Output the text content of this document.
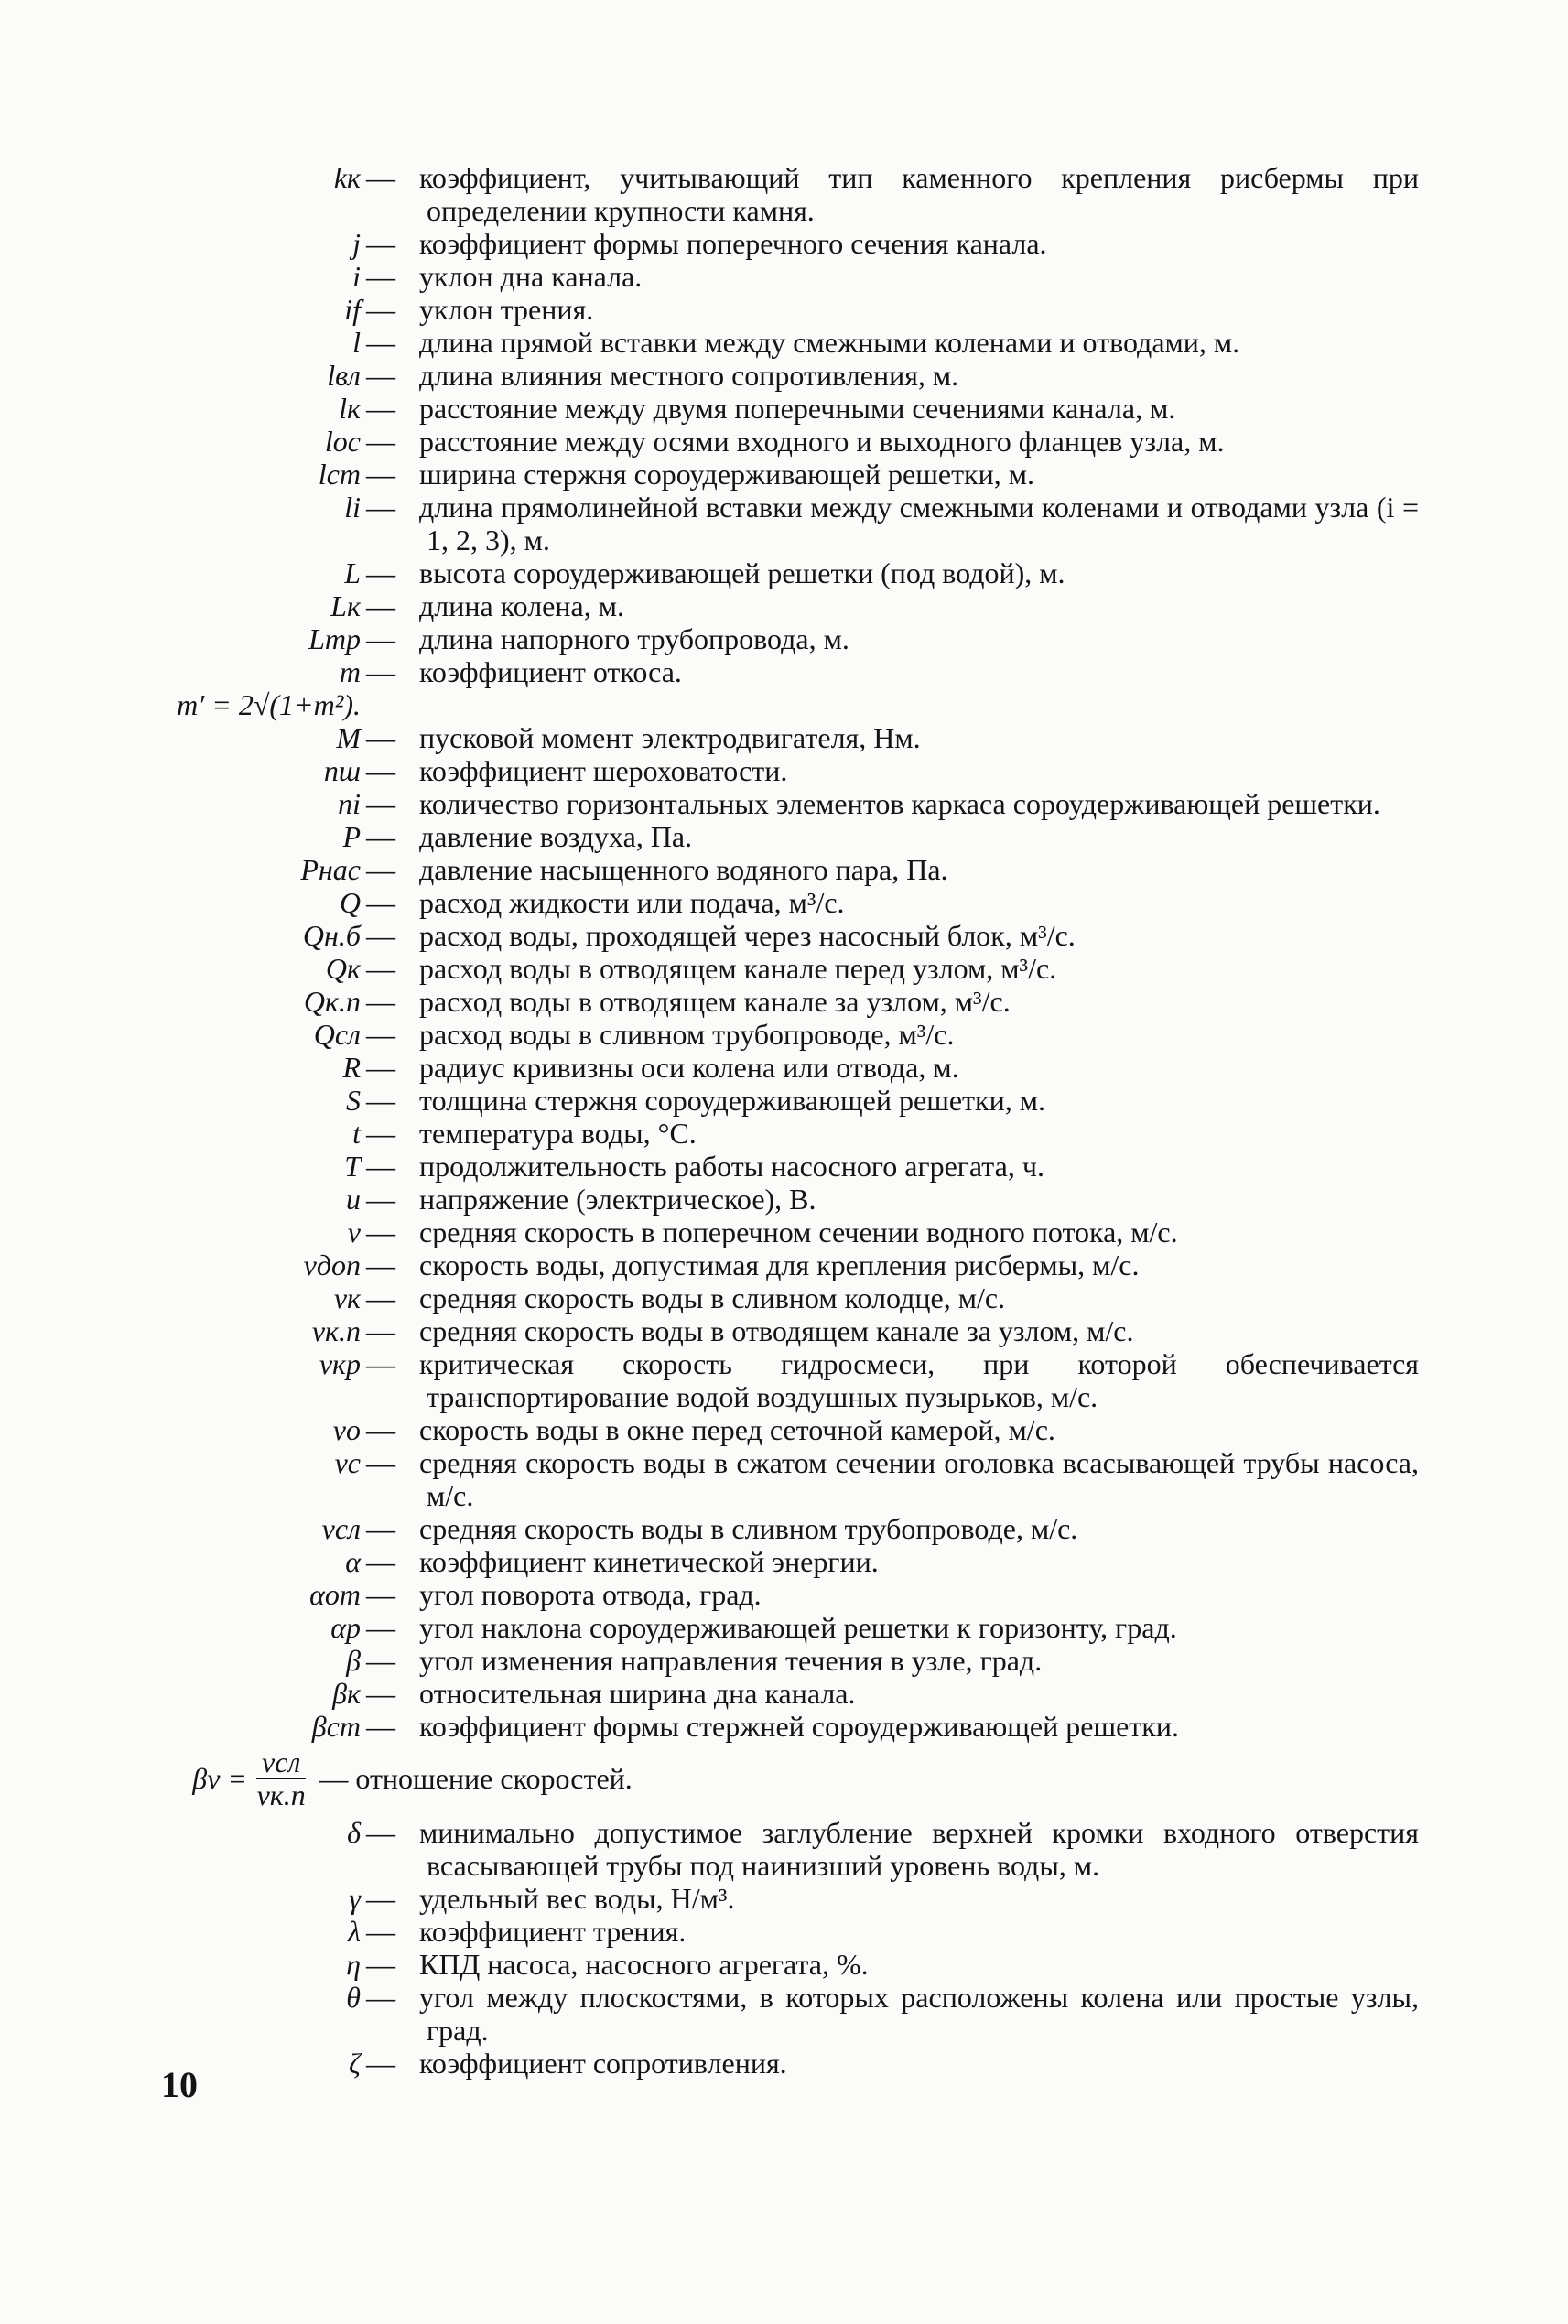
kк — коэффициент, учитывающий тип каменного крепления рисбермы при определении крупности камня.
j — коэффициент формы поперечного сечения канала.
i — уклон дна канала.
if — уклон трения.
l — длина прямой вставки между смежными коленами и отводами, м.
lвл — длина влияния местного сопротивления, м.
lк — расстояние между двумя поперечными сечениями канала, м.
lос — расстояние между осями входного и выходного фланцев узла, м.
lст — ширина стержня сороудерживающей решетки, м.
li — длина прямолинейной вставки между смежными коленами и отводами узла (i = 1, 2, 3), м.
L — высота сороудерживающей решетки (под водой), м.
Lк — длина колена, м.
Lтр — длина напорного трубопровода, м.
m — коэффициент откоса.
m′ = 2√(1+m²).
M — пусковой момент электродвигателя, Нм.
nш — коэффициент шероховатости.
ni — количество горизонтальных элементов каркаса сороудерживающей решетки.
P — давление воздуха, Па.
Pнас — давление насыщенного водяного пара, Па.
Q — расход жидкости или подача, м³/с.
Qн.б — расход воды, проходящей через насосный блок, м³/с.
Qк — расход воды в отводящем канале перед узлом, м³/с.
Qк.п — расход воды в отводящем канале за узлом, м³/с.
Qсл — расход воды в сливном трубопроводе, м³/с.
R — радиус кривизны оси колена или отвода, м.
S — толщина стержня сороудерживающей решетки, м.
t — температура воды, °С.
T — продолжительность работы насосного агрегата, ч.
u — напряжение (электрическое), В.
v — средняя скорость в поперечном сечении водного потока, м/с.
vдоп — скорость воды, допустимая для крепления рисбермы, м/с.
vк — средняя скорость воды в сливном колодце, м/с.
vк.п — средняя скорость воды в отводящем канале за узлом, м/с.
vкр — критическая скорость гидросмеси, при которой обеспечивается транспортирование водой воздушных пузырьков, м/с.
vо — скорость воды в окне перед сеточной камерой, м/с.
vс — средняя скорость воды в сжатом сечении оголовка всасывающей трубы насоса, м/с.
vсл — средняя скорость воды в сливном трубопроводе, м/с.
α — коэффициент кинетической энергии.
αот — угол поворота отвода, град.
αр — угол наклона сороудерживающей решетки к горизонту, град.
β — угол изменения направления течения в узле, град.
βк — относительная ширина дна канала.
βст — коэффициент формы стержней сороудерживающей решетки.
$\beta v = \frac{\text{vсл}}{vк.п}$ — отношение скоростей.
δ — минимально допустимое заглубление верхней кромки входного отверстия всасывающей трубы под наинизший уровень воды, м.
γ — удельный вес воды, Н/м³.
λ — коэффициент трения.
η — КПД насоса, насосного агрегата, %.
θ — угол между плоскостями, в которых расположены колена или простые узлы, град.
ζ — коэффициент сопротивления.
10
